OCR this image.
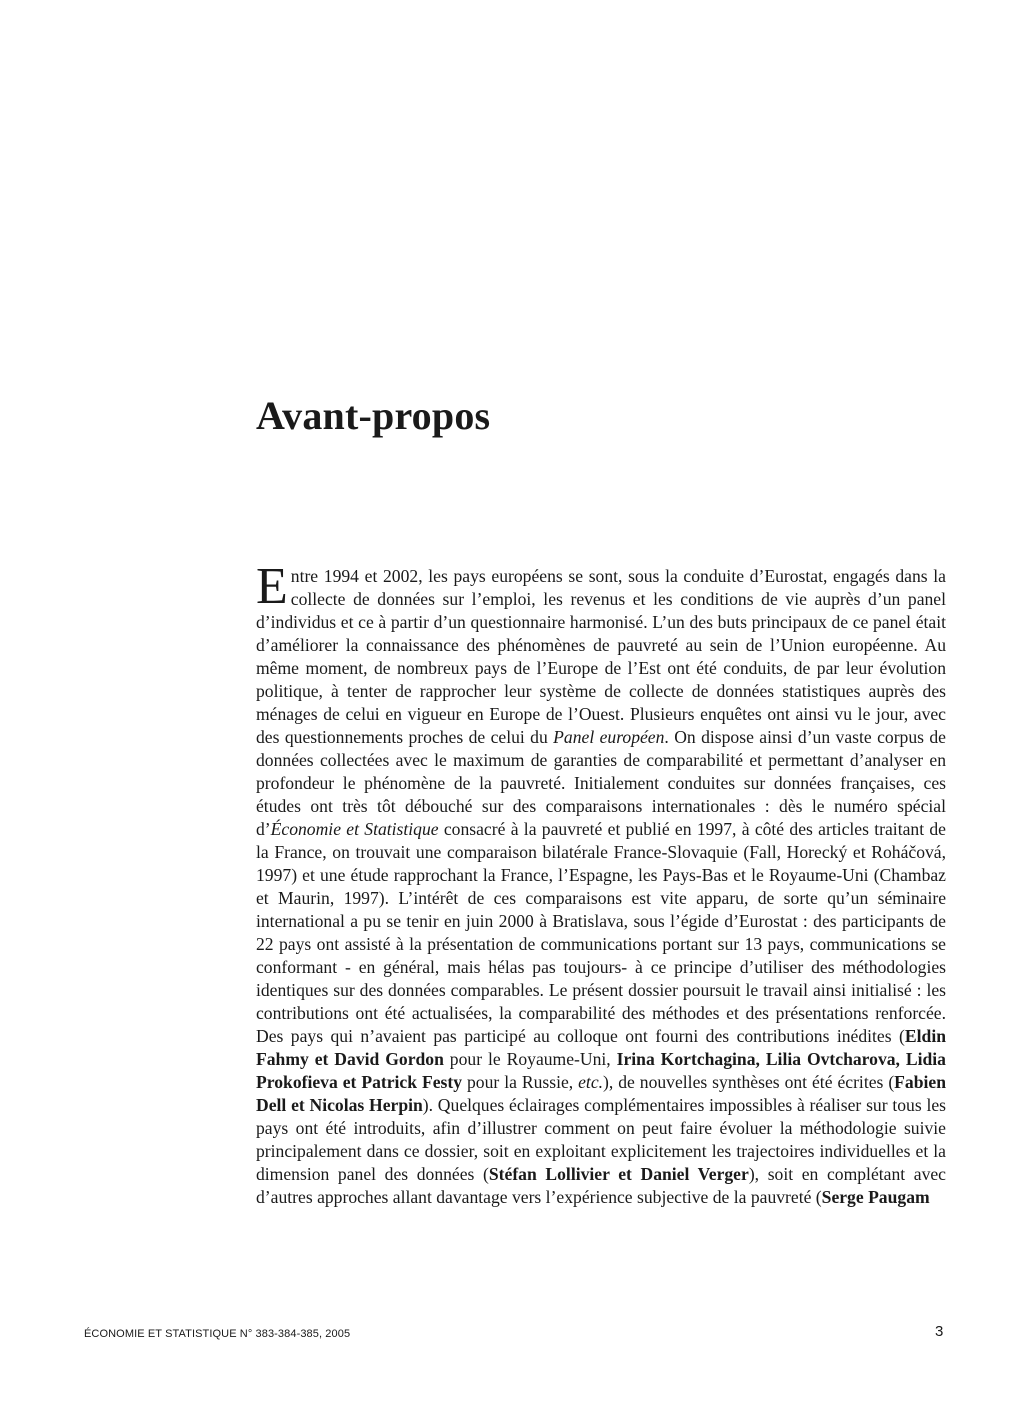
Avant-propos

E ntre 1994 et 2002, les pays européens se sont, sous la conduite d’Eurostat, engagés dans la collecte de données sur l’emploi, les revenus et les conditions de vie auprès d’un panel d’individus et ce à partir d’un questionnaire harmonisé. L’un des buts principaux de ce panel était d’améliorer la connaissance des phénomènes de pauvreté au sein de l’Union européenne. Au même moment, de nombreux pays de l’Europe de l’Est ont été conduits, de par leur évolution politique, à tenter de rapprocher leur système de collecte de données statistiques auprès des ménages de celui en vigueur en Europe de l’Ouest. Plusieurs enquêtes ont ainsi vu le jour, avec des questionnements proches de celui du Panel européen. On dispose ainsi d’un vaste corpus de données collectées avec le maximum de garanties de comparabilité et permettant d’analyser en profondeur le phénomène de la pauvreté. Initialement conduites sur données françaises, ces études ont très tôt débouché sur des comparaisons internationales : dès le numéro spécial d’Économie et Statistique consacré à la pauvreté et publié en 1997, à côté des articles traitant de la France, on trouvait une comparaison bilatérale France-Slovaquie (Fall, Horecký et Roháčová, 1997) et une étude rapprochant la France, l’Espagne, les Pays-Bas et le Royaume-Uni (Chambaz et Maurin, 1997). L’intérêt de ces comparaisons est vite apparu, de sorte qu’un séminaire international a pu se tenir en juin 2000 à Bratislava, sous l’égide d’Eurostat : des participants de 22 pays ont assisté à la présentation de communications portant sur 13 pays, communications se conformant - en général, mais hélas pas toujours- à ce principe d’utiliser des méthodologies identiques sur des données comparables. Le présent dossier poursuit le travail ainsi initialisé : les contributions ont été actualisées, la comparabilité des méthodes et des présentations renforcée. Des pays qui n’avaient pas participé au colloque ont fourni des contributions inédites (Eldin Fahmy et David Gordon pour le Royaume-Uni, Irina Kortchagina, Lilia Ovtcharova, Lidia Prokofieva et Patrick Festy pour la Russie, etc.), de nouvelles synthèses ont été écrites (Fabien Dell et Nicolas Herpin). Quelques éclairages complémentaires impossibles à réaliser sur tous les pays ont été introduits, afin d’illustrer comment on peut faire évoluer la méthodologie suivie principalement dans ce dossier, soit en exploitant explicitement les trajectoires individuelles et la dimension panel des données (Stéfan Lollivier et Daniel Verger), soit en complétant avec d’autres approches allant davantage vers l’expérience subjective de la pauvreté (Serge Paugam

ÉCONOMIE ET STATISTIQUE N° 383-384-385, 2005	3
